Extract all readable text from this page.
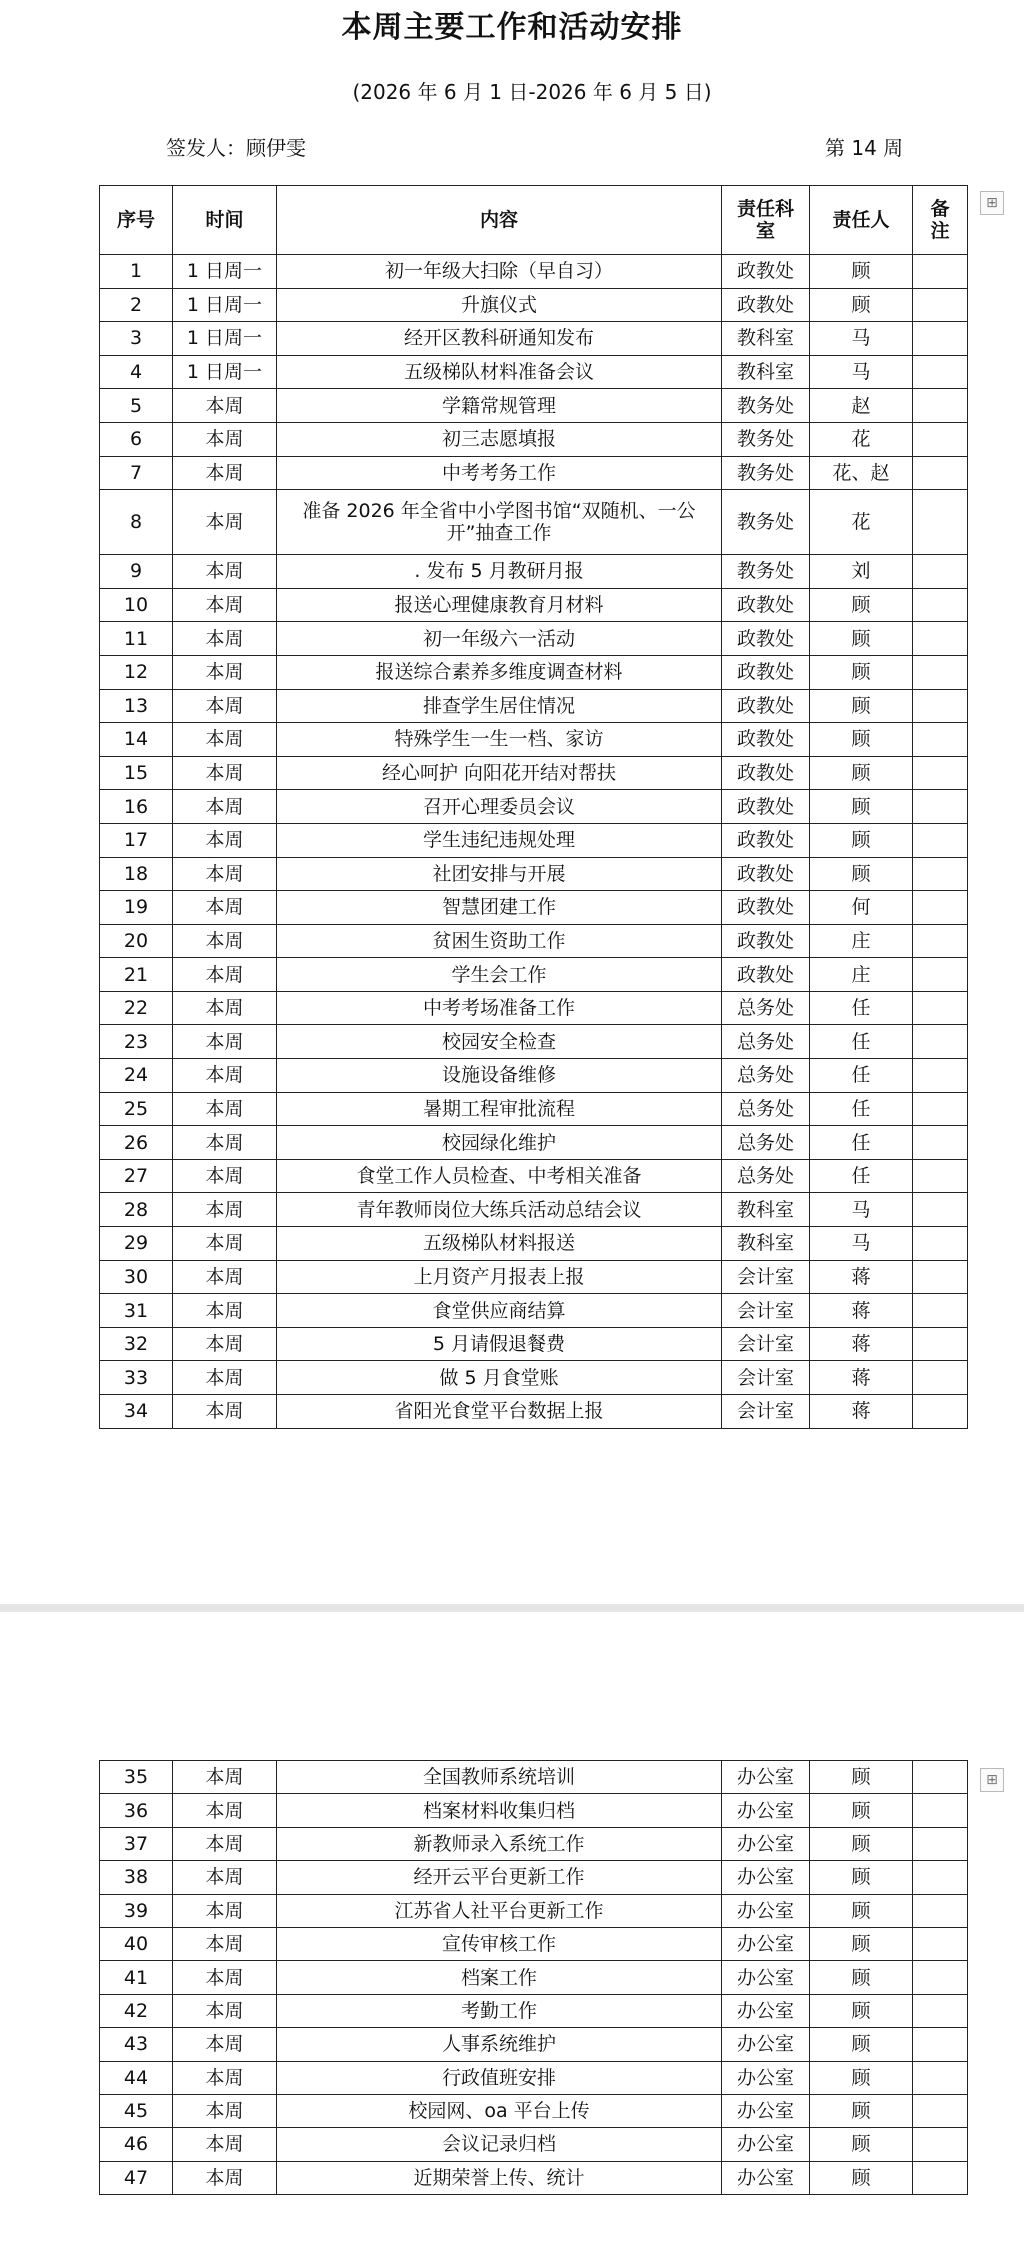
本周主要工作和活动安排
(2026 年 6 月 1 日-2026 年 6 月 5 日)
签发人：顾伊雯	第 14 周
⊞
序号	时间	内容	责任科室	责任人	备注
1	1 日周一	初一年级大扫除（早自习）	政教处	顾	
2	1 日周一	升旗仪式	政教处	顾	
3	1 日周一	经开区教科研通知发布	教科室	马	
4	1 日周一	五级梯队材料准备会议	教科室	马	
5	本周	学籍常规管理	教务处	赵	
6	本周	初三志愿填报	教务处	花	
7	本周	中考考务工作	教务处	花、赵	
8	本周	准备 2026 年全省中小学图书馆“双随机、一公开”抽查工作	教务处	花	
9	本周	. 发布 5 月教研月报	教务处	刘	
10	本周	报送心理健康教育月材料	政教处	顾	
11	本周	初一年级六一活动	政教处	顾	
12	本周	报送综合素养多维度调查材料	政教处	顾	
13	本周	排查学生居住情况	政教处	顾	
14	本周	特殊学生一生一档、家访	政教处	顾	
15	本周	经心呵护 向阳花开结对帮扶	政教处	顾	
16	本周	召开心理委员会议	政教处	顾	
17	本周	学生违纪违规处理	政教处	顾	
18	本周	社团安排与开展	政教处	顾	
19	本周	智慧团建工作	政教处	何	
20	本周	贫困生资助工作	政教处	庄	
21	本周	学生会工作	政教处	庄	
22	本周	中考考场准备工作	总务处	任	
23	本周	校园安全检查	总务处	任	
24	本周	设施设备维修	总务处	任	
25	本周	暑期工程审批流程	总务处	任	
26	本周	校园绿化维护	总务处	任	
27	本周	食堂工作人员检查、中考相关准备	总务处	任	
28	本周	青年教师岗位大练兵活动总结会议	教科室	马	
29	本周	五级梯队材料报送	教科室	马	
30	本周	上月资产月报表上报	会计室	蒋	
31	本周	食堂供应商结算	会计室	蒋	
32	本周	5 月请假退餐费	会计室	蒋	
33	本周	做 5 月食堂账	会计室	蒋	
34	本周	省阳光食堂平台数据上报	会计室	蒋	
⊞
35	本周	全国教师系统培训	办公室	顾	
36	本周	档案材料收集归档	办公室	顾	
37	本周	新教师录入系统工作	办公室	顾	
38	本周	经开云平台更新工作	办公室	顾	
39	本周	江苏省人社平台更新工作	办公室	顾	
40	本周	宣传审核工作	办公室	顾	
41	本周	档案工作	办公室	顾	
42	本周	考勤工作	办公室	顾	
43	本周	人事系统维护	办公室	顾	
44	本周	行政值班安排	办公室	顾	
45	本周	校园网、oa 平台上传	办公室	顾	
46	本周	会议记录归档	办公室	顾	
47	本周	近期荣誉上传、统计	办公室	顾	
